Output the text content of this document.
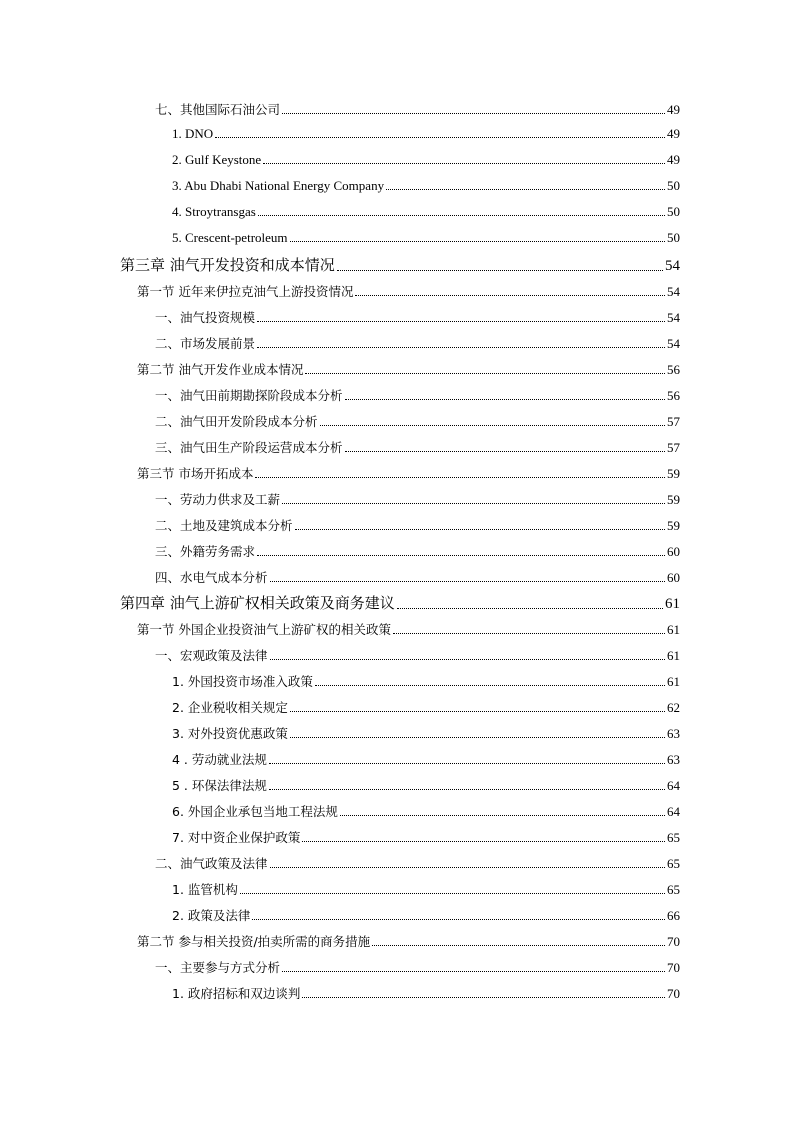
七、其他国际石油公司	49
1. DNO	49
2. Gulf Keystone	49
3. Abu Dhabi National Energy Company	50
4. Stroytransgas	50
5. Crescent-petroleum	50
第三章 油气开发投资和成本情况	54
第一节 近年来伊拉克油气上游投资情况	54
一、油气投资规模	54
二、市场发展前景	54
第二节 油气开发作业成本情况	56
一、油气田前期勘探阶段成本分析	56
二、油气田开发阶段成本分析	57
三、油气田生产阶段运营成本分析	57
第三节 市场开拓成本	59
一、劳动力供求及工薪	59
二、土地及建筑成本分析	59
三、外籍劳务需求	60
四、水电气成本分析	60
第四章 油气上游矿权相关政策及商务建议	61
第一节 外国企业投资油气上游矿权的相关政策	61
一、宏观政策及法律	61
1. 外国投资市场准入政策	61
2. 企业税收相关规定	62
3. 对外投资优惠政策	63
4 . 劳动就业法规	63
5 . 环保法律法规	64
6. 外国企业承包当地工程法规	64
7. 对中资企业保护政策	65
二、油气政策及法律	65
1. 监管机构	65
2. 政策及法律	66
第二节 参与相关投资/拍卖所需的商务措施	70
一、主要参与方式分析	70
1. 政府招标和双边谈判	70
